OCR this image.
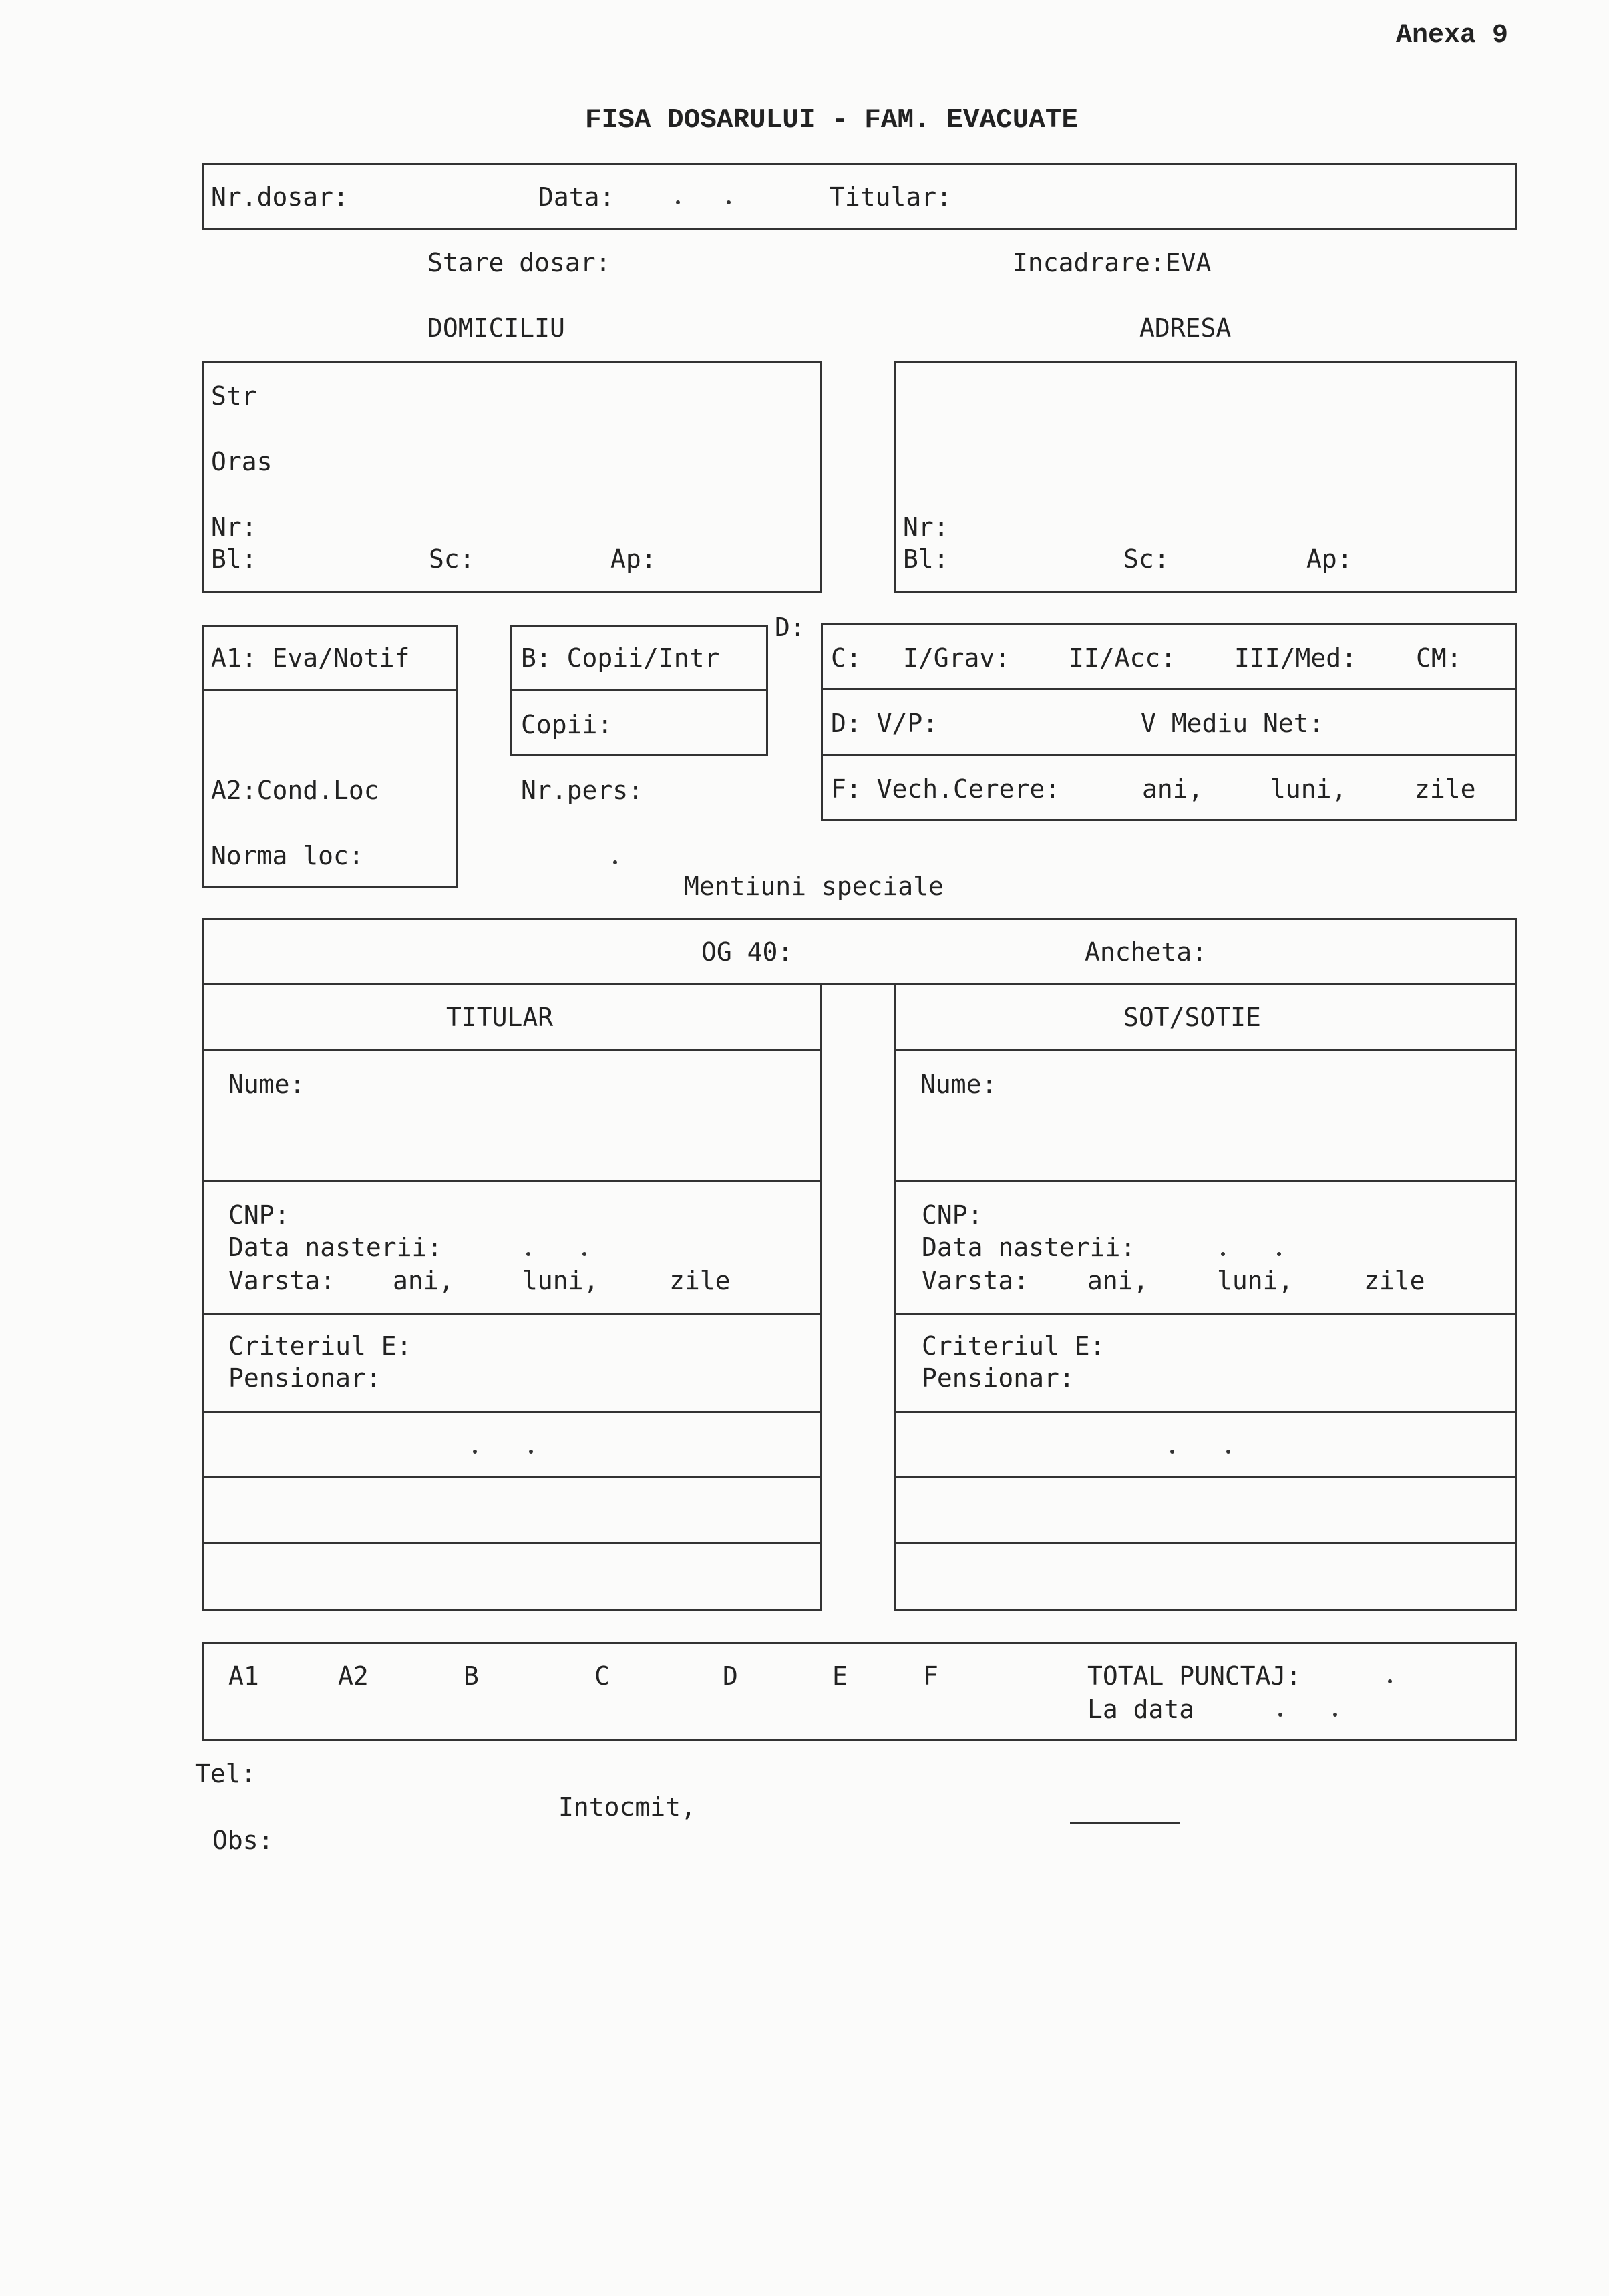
Anexa 9
FISA DOSARULUI - FAM. EVACUATE
Nr.dosar:	Data:	Titular:
Stare dosar:	Incadrare:EVA
DOMICILIU	ADRESA
Str
Oras
Nr:
Bl:	Sc:	Ap:
Nr:
Bl:	Sc:	Ap:
D:
A1: Eva/Notif
A2:Cond.Loc
Norma loc:
B: Copii/Intr
Copii:
Nr.pers:
C: I/Grav: II/Acc: III/Med: CM:
D: V/P:	V Mediu Net:
F: Vech.Cerere:	ani,	luni,	zile
Mentiuni speciale
OG 40:	Ancheta:
TITULAR
Nume:
CNP:
Data nasterii:
Varsta: ani,	luni,	zile
Criteriul E:
Pensionar:
SOT/SOTIE
Nume:
CNP:
Data nasterii:
Varsta: ani,	luni,	zile
Criteriul E:
Pensionar:
A1	A2	B	C	D	E	F	TOTAL PUNCTAJ:
La data
Tel:
Intocmit,
Obs:
